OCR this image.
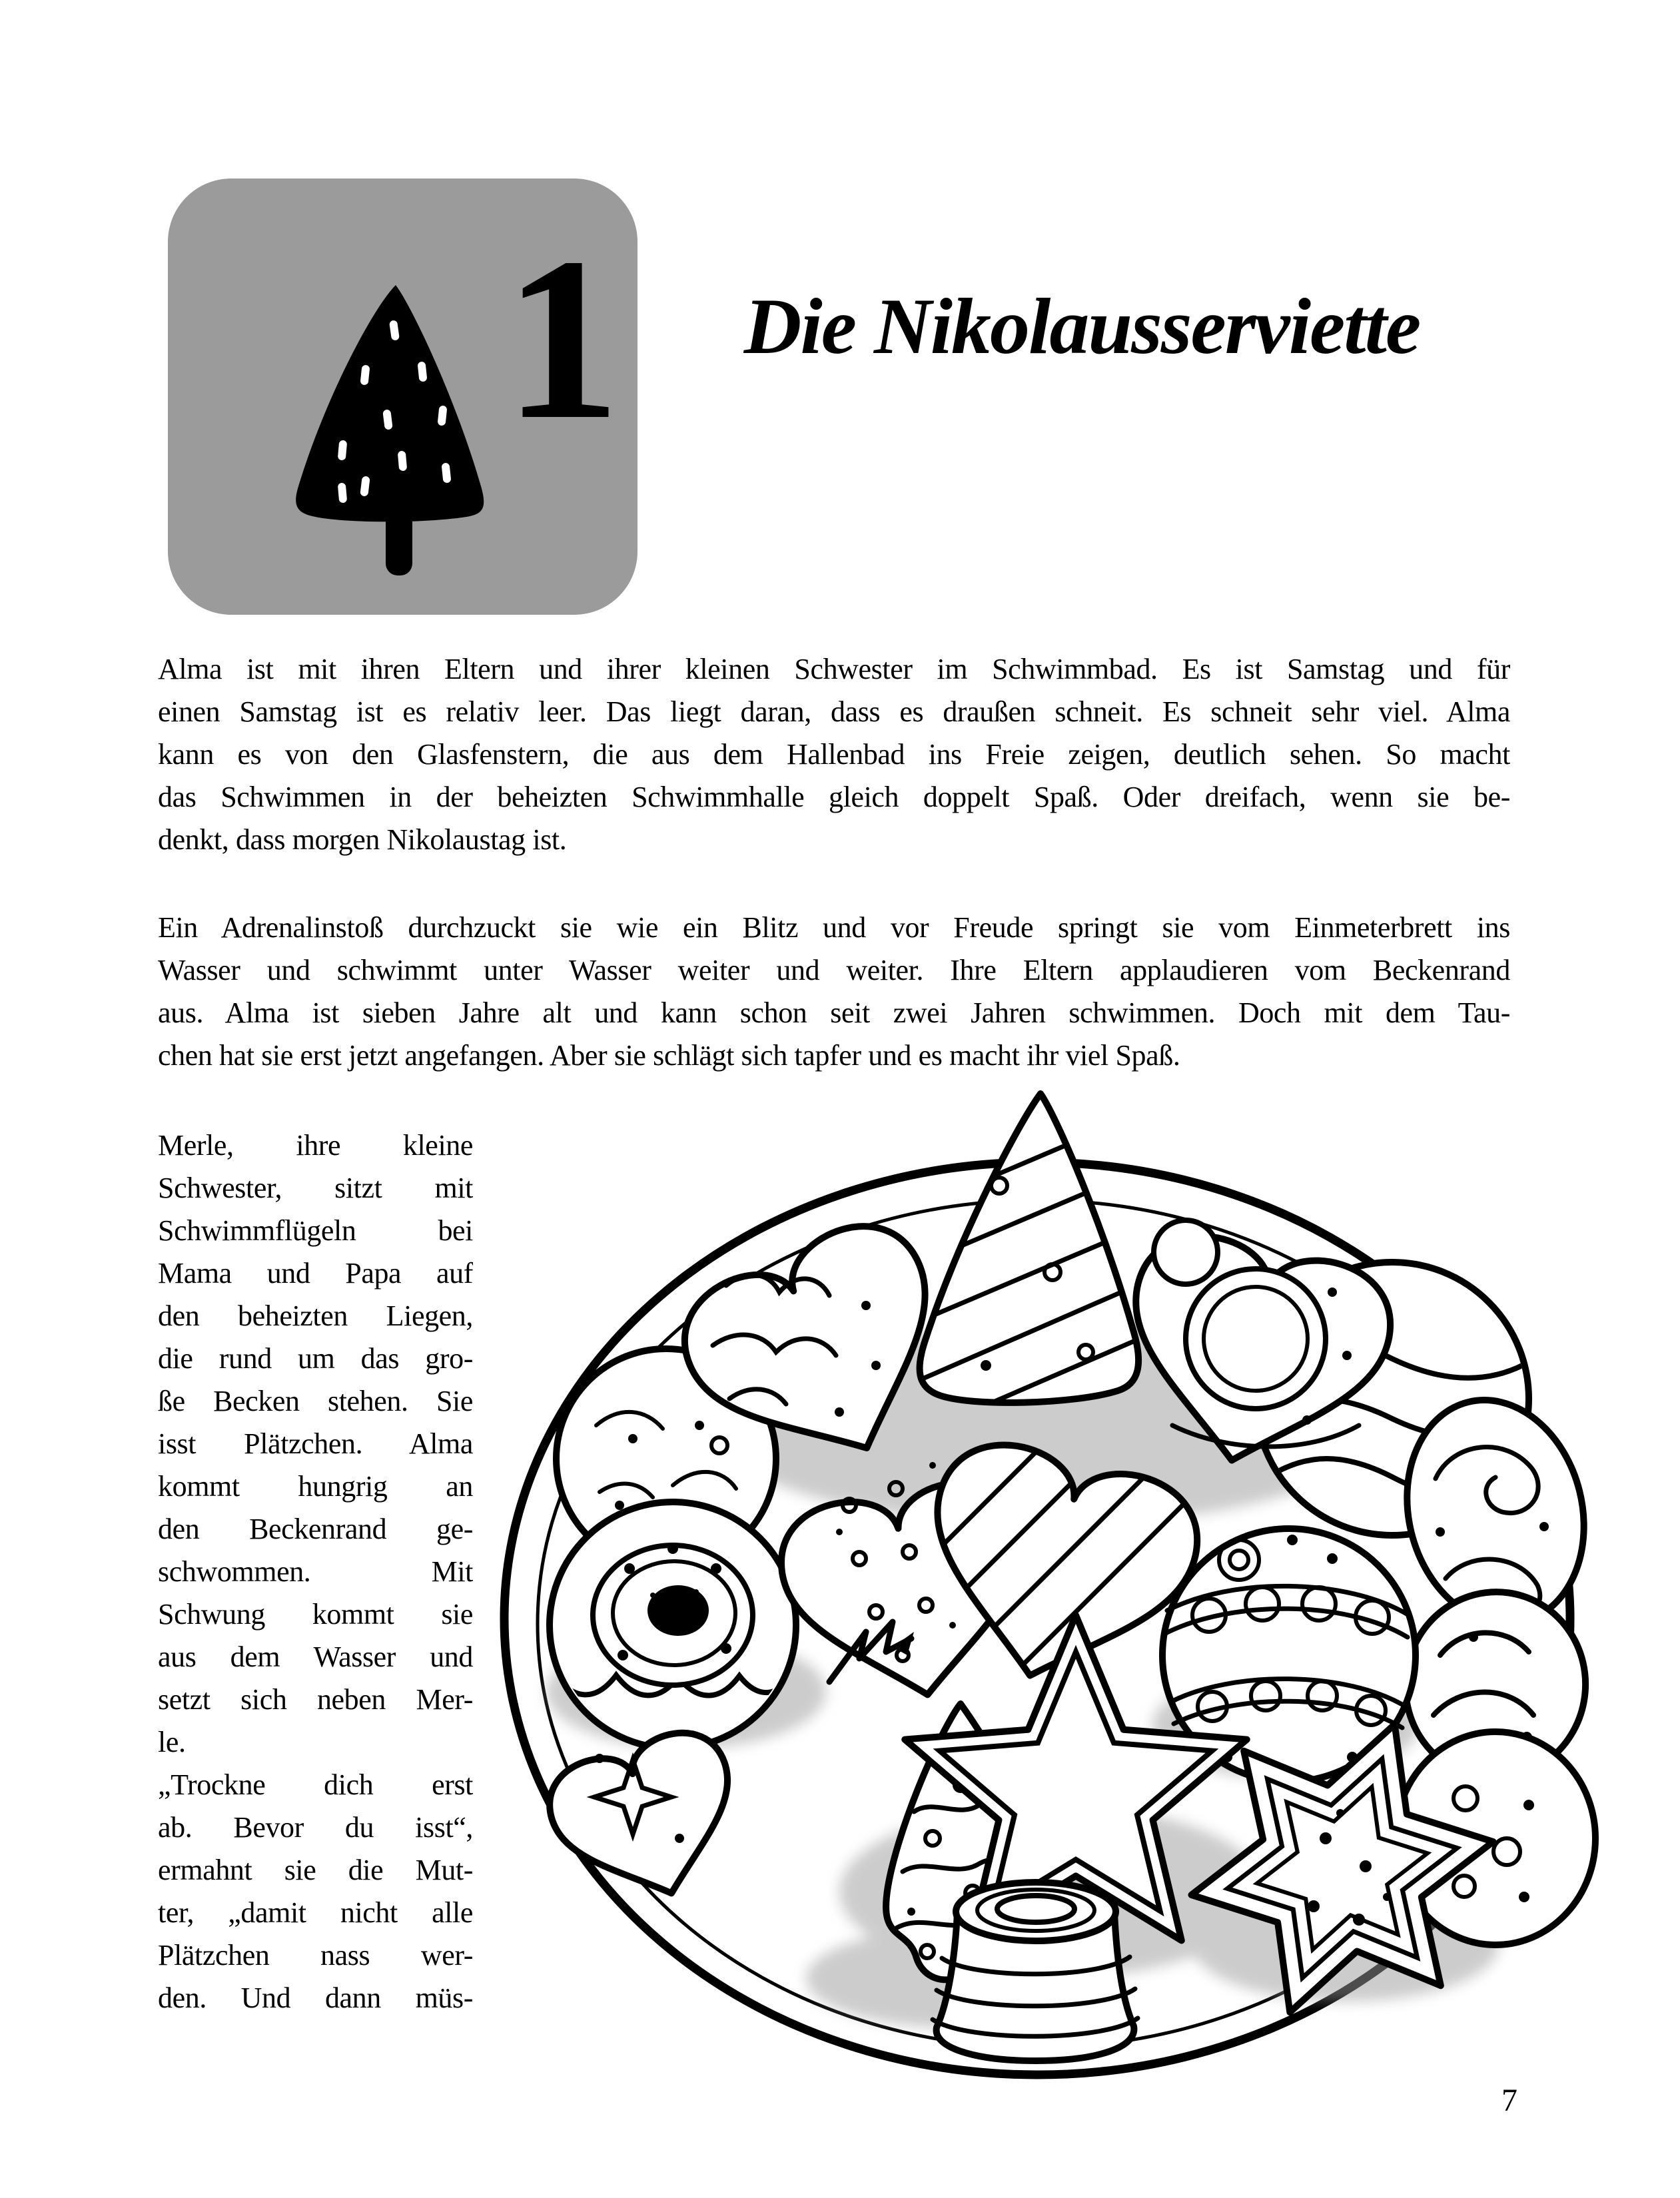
1	Die Nikolausserviette
Alma ist mit ihren Eltern und ihrer kleinen Schwester im Schwimmbad. Es ist Samstag und für
einen Samstag ist es relativ leer. Das liegt daran, dass es draußen schneit. Es schneit sehr viel. Alma
kann es von den Glasfenstern, die aus dem Hallenbad ins Freie zeigen, deutlich sehen. So macht
das Schwimmen in der beheizten Schwimmhalle gleich doppelt Spaß. Oder dreifach, wenn sie be-
denkt, dass morgen Nikolaustag ist.
Ein Adrenalinstoß durchzuckt sie wie ein Blitz und vor Freude springt sie vom Einmeterbrett ins
Wasser und schwimmt unter Wasser weiter und weiter. Ihre Eltern applaudieren vom Beckenrand
aus. Alma ist sieben Jahre alt und kann schon seit zwei Jahren schwimmen. Doch mit dem Tau-
chen hat sie erst jetzt angefangen. Aber sie schlägt sich tapfer und es macht ihr viel Spaß.
Merle, ihre kleine
Schwester, sitzt mit
Schwimmflügeln bei
Mama und Papa auf
den beheizten Liegen,
die rund um das gro-
ße Becken stehen. Sie
isst Plätzchen. Alma
kommt hungrig an
den Beckenrand ge-
schwommen. Mit
Schwung kommt sie
aus dem Wasser und
setzt sich neben Mer-
le.
„Trockne dich erst
ab. Bevor du isst“,
ermahnt sie die Mut-
ter, „damit nicht alle
Plätzchen nass wer-
den. Und dann müs-
7
